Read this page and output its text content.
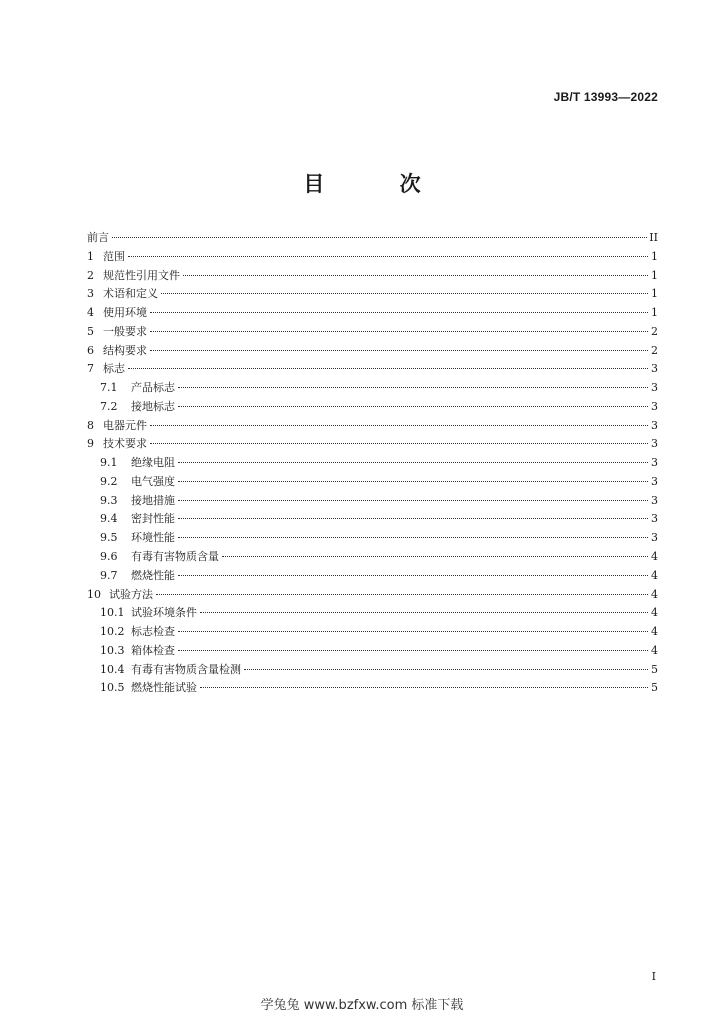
JB/T 13993—2022
目 次
前言	II
1 范围	1
2 规范性引用文件	1
3 术语和定义	1
4 使用环境	1
5 一般要求	2
6 结构要求	2
7 标志	3
7.1	产品标志	3
7.2	接地标志	3
8 电器元件	3
9 技术要求	3
9.1	绝缘电阻	3
9.2	电气强度	3
9.3	接地措施	3
9.4	密封性能	3
9.5	环境性能	3
9.6	有毒有害物质含量	4
9.7	燃烧性能	4
10 试验方法	4
10.1 试验环境条件	4
10.2 标志检查	4
10.3 箱体检查	4
10.4 有毒有害物质含量检测	5
10.5 燃烧性能试验	5
I
学兔兔 www.bzfxw.com 标准下载
